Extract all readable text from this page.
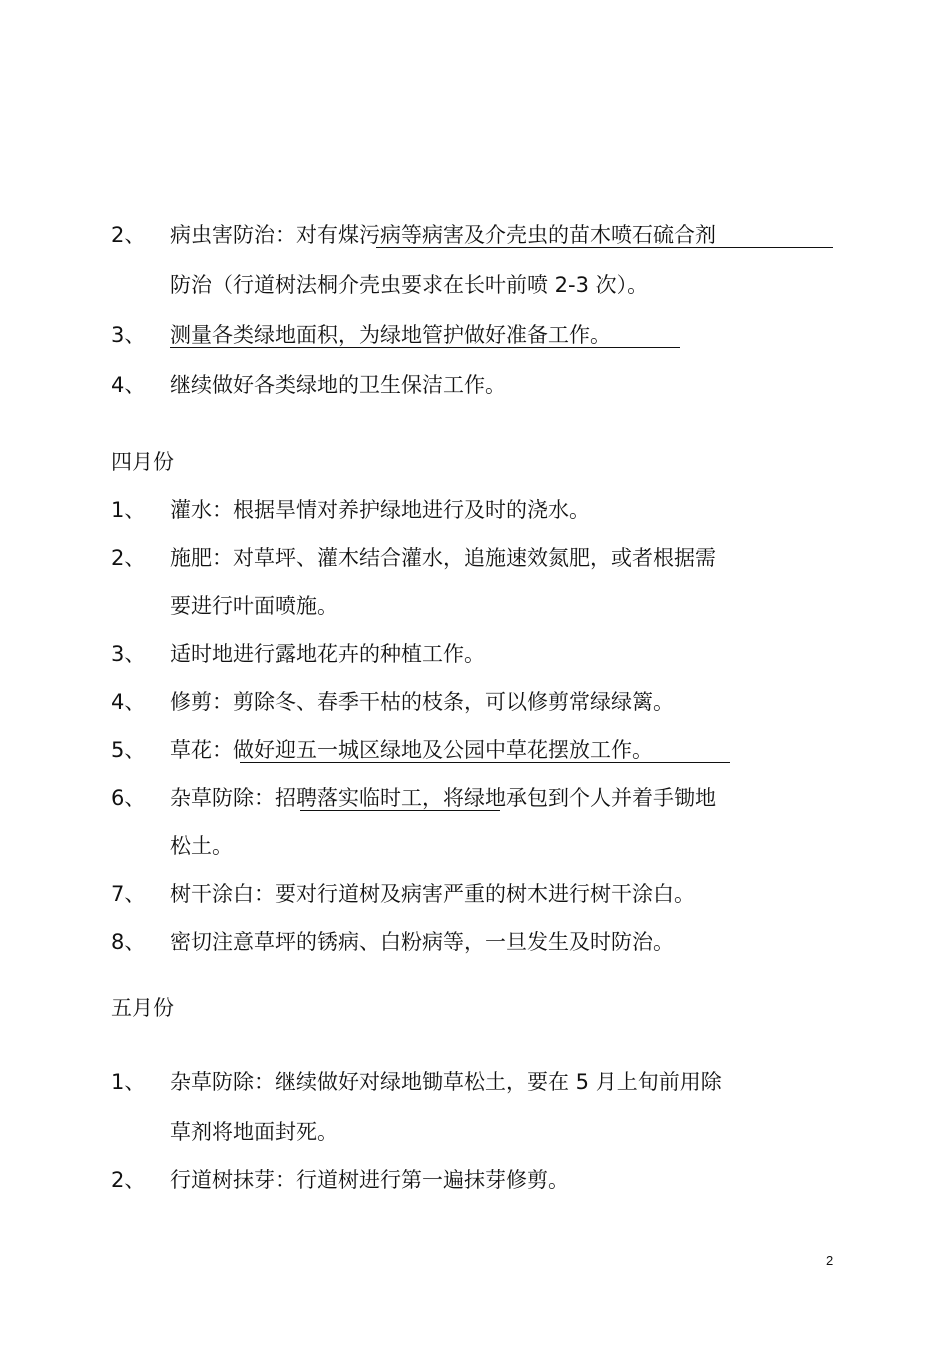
2、 病虫害防治：对有煤污病等病害及介壳虫的苗木喷石硫合剂
防治（行道树法桐介壳虫要求在长叶前喷 2-3 次）。
3、 测量各类绿地面积，为绿地管护做好准备工作。
4、 继续做好各类绿地的卫生保洁工作。
四月份
1、 灌水：根据旱情对养护绿地进行及时的浇水。
2、 施肥：对草坪、灌木结合灌水，追施速效氮肥，或者根据需
要进行叶面喷施。
3、 适时地进行露地花卉的种植工作。
4、 修剪：剪除冬、春季干枯的枝条，可以修剪常绿绿篱。
5、 草花：做好迎五一城区绿地及公园中草花摆放工作。
6、 杂草防除：招聘落实临时工，将绿地承包到个人并着手锄地
松土。
7、 树干涂白：要对行道树及病害严重的树木进行树干涂白。
8、 密切注意草坪的锈病、白粉病等，一旦发生及时防治。
五月份
1、 杂草防除：继续做好对绿地锄草松土，要在 5 月上旬前用除
草剂将地面封死。
2、 行道树抹芽：行道树进行第一遍抹芽修剪。
2
